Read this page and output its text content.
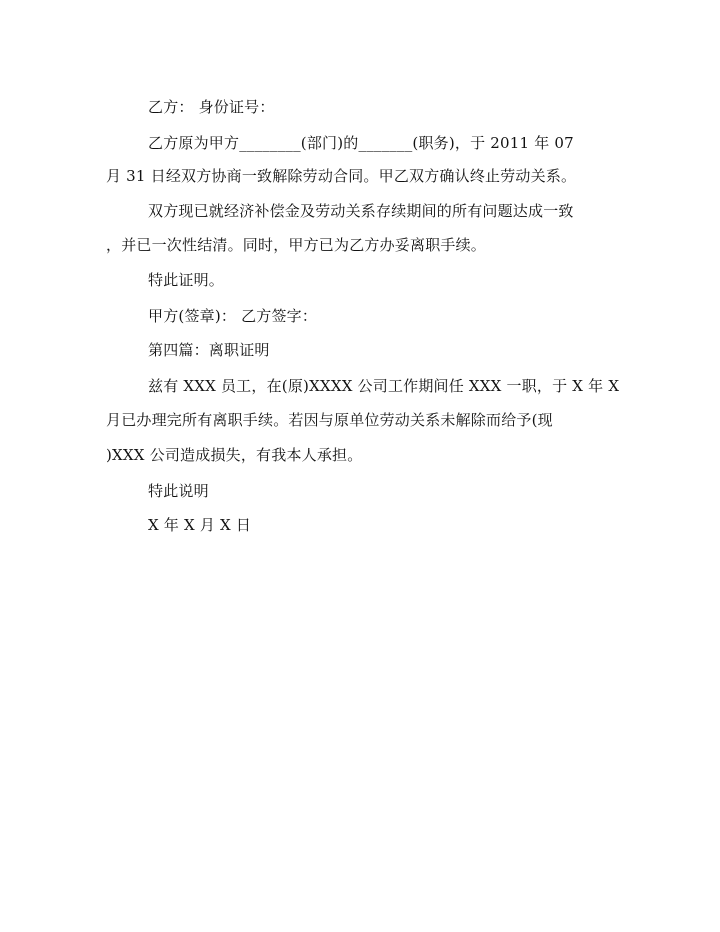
乙方： 身份证号：
乙方原为甲方________(部门)的_______(职务)，于 2011 年 07
月 31 日经双方协商一致解除劳动合同。甲乙双方确认终止劳动关系。
双方现已就经济补偿金及劳动关系存续期间的所有问题达成一致
，并已一次性结清。同时，甲方已为乙方办妥离职手续。
特此证明。
甲方(签章)： 乙方签字：
第四篇：离职证明
兹有 XXX 员工，在(原)XXXX 公司工作期间任 XXX 一职，于 X 年 X
月已办理完所有离职手续。若因与原单位劳动关系未解除而给予(现
)XXX 公司造成损失，有我本人承担。
特此说明
X 年 X 月 X 日
